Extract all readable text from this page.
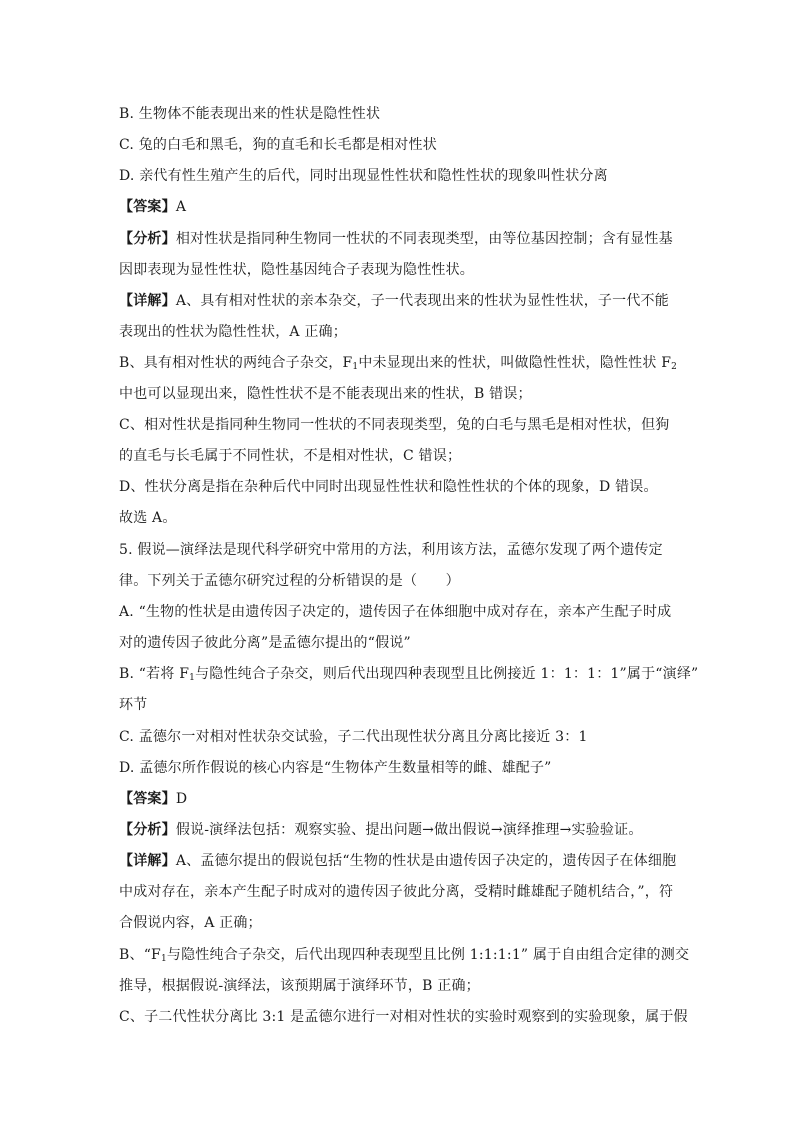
B. 生物体不能表现出来的性状是隐性性状
C. 兔的白毛和黑毛，狗的直毛和长毛都是相对性状
D. 亲代有性生殖产生的后代，同时出现显性性状和隐性性状的现象叫性状分离
【答案】A
【分析】相对性状是指同种生物同一性状的不同表现类型，由等位基因控制；含有显性基
因即表现为显性性状，隐性基因纯合子表现为隐性性状。
【详解】A、具有相对性状的亲本杂交，子一代表现出来的性状为显性性状，子一代不能
表现出的性状为隐性性状，A 正确；
B、具有相对性状的两纯合子杂交，$F_1$中未显现出来的性状，叫做隐性性状，隐性性状 $F_2$
中也可以显现出来，隐性性状不是不能表现出来的性状，B 错误；
C、相对性状是指同种生物同一性状的不同表现类型，兔的白毛与黑毛是相对性状，但狗
的直毛与长毛属于不同性状，不是相对性状，C 错误；
D、性状分离是指在杂种后代中同时出现显性性状和隐性性状的个体的现象，D 错误。
故选 A。
5. 假说—演绎法是现代科学研究中常用的方法，利用该方法，孟德尔发现了两个遗传定
律。下列关于孟德尔研究过程的分析错误的是（　　）
A. “生物的性状是由遗传因子决定的，遗传因子在体细胞中成对存在，亲本产生配子时成
对的遗传因子彼此分离”是孟德尔提出的“假说”
B. “若将 $F_1$与隐性纯合子杂交，则后代出现四种表现型且比例接近 1：1：1：1”属于“演绎”
环节
C. 孟德尔一对相对性状杂交试验，子二代出现性状分离且分离比接近 3：1
D. 孟德尔所作假说的核心内容是“生物体产生数量相等的雌、雄配子”
【答案】D
【分析】假说-演绎法包括：观察实验、提出问题→做出假说→演绎推理→实验验证。
【详解】A、孟德尔提出的假说包括“生物的性状是由遗传因子决定的，遗传因子在体细胞
中成对存在，亲本产生配子时成对的遗传因子彼此分离，受精时雌雄配子随机结合，”，符
合假说内容，A 正确；
B、“$F_1$与隐性纯合子杂交，后代出现四种表现型且比例 1:1:1:1” 属于自由组合定律的测交
推导，根据假说-演绎法，该预期属于演绎环节，B 正确；
C、子二代性状分离比 3:1 是孟德尔进行一对相对性状的实验时观察到的实验现象，属于假
